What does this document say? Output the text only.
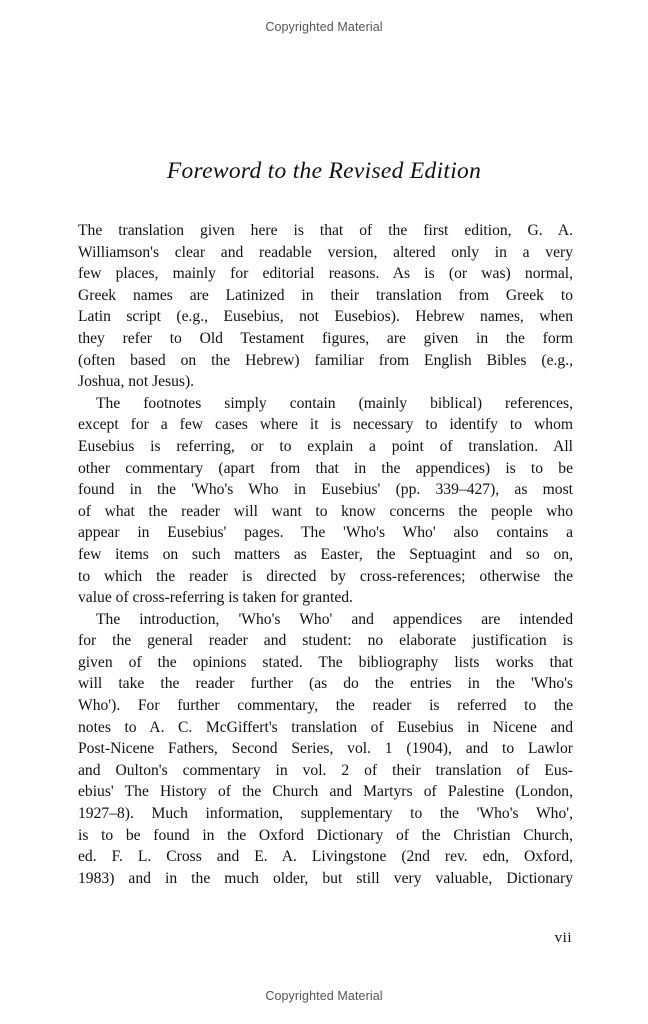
Copyrighted Material
Foreword to the Revised Edition

The translation given here is that of the first edition, G. A.
Williamson's clear and readable version, altered only in a very
few places, mainly for editorial reasons. As is (or was) normal,
Greek names are Latinized in their translation from Greek to
Latin script (e.g., Eusebius, not Eusebios). Hebrew names, when
they refer to Old Testament figures, are given in the form
(often based on the Hebrew) familiar from English Bibles (e.g.,
Joshua, not Jesus).

The footnotes simply contain (mainly biblical) references,
except for a few cases where it is necessary to identify to whom
Eusebius is referring, or to explain a point of translation. All
other commentary (apart from that in the appendices) is to be
found in the 'Who's Who in Eusebius' (pp. 339–427), as most
of what the reader will want to know concerns the people who
appear in Eusebius' pages. The 'Who's Who' also contains a
few items on such matters as Easter, the Septuagint and so on,
to which the reader is directed by cross-references; otherwise the
value of cross-referring is taken for granted.

The introduction, 'Who's Who' and appendices are intended
for the general reader and student: no elaborate justification is
given of the opinions stated. The bibliography lists works that
will take the reader further (as do the entries in the 'Who's
Who'). For further commentary, the reader is referred to the
notes to A. C. McGiffert's translation of Eusebius in Nicene and
Post-Nicene Fathers, Second Series, vol. 1 (1904), and to Lawlor
and Oulton's commentary in vol. 2 of their translation of Eus-
ebius' The History of the Church and Martyrs of Palestine (London,
1927–8). Much information, supplementary to the 'Who's Who',
is to be found in the Oxford Dictionary of the Christian Church,
ed. F. L. Cross and E. A. Livingstone (2nd rev. edn, Oxford,
1983) and in the much older, but still very valuable, Dictionary

vii
Copyrighted Material
